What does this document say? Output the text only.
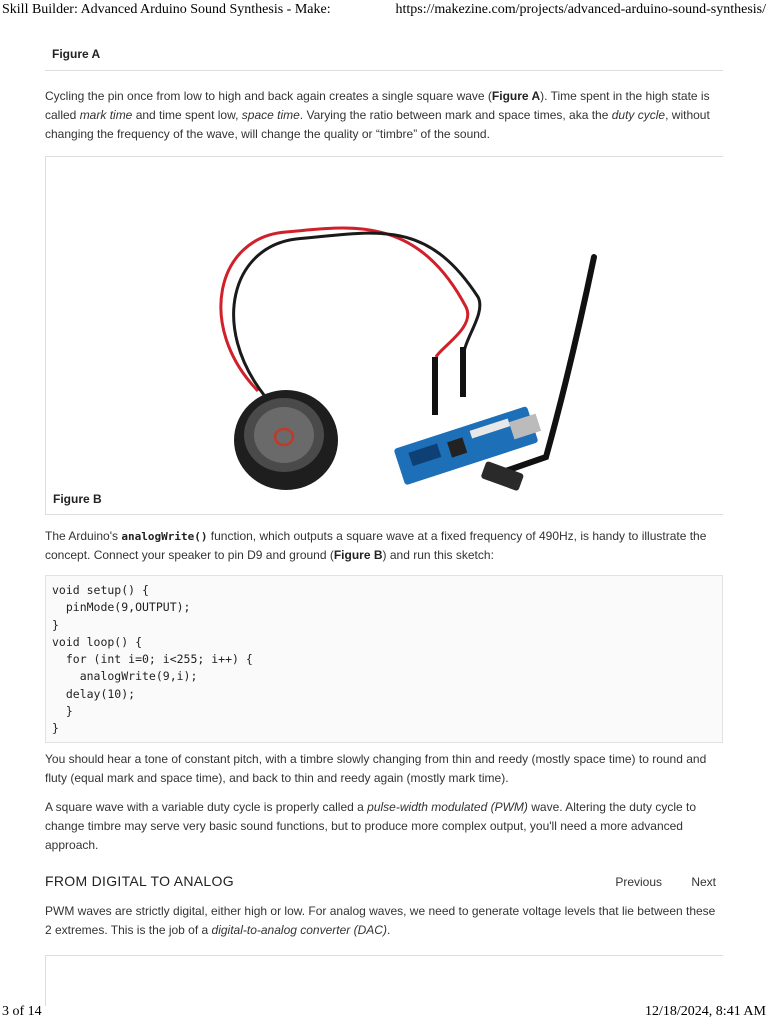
Skill Builder: Advanced Arduino Sound Synthesis - Make:	https://makezine.com/projects/advanced-arduino-sound-synthesis/
Figure A

Cycling the pin once from low to high and back again creates a single square wave (Figure A). Time spent in the high state is called mark time and time spent low, space time. Varying the ratio between mark and space times, aka the duty cycle, without changing the frequency of the wave, will change the quality or “timbre” of the sound.

Figure B

The Arduino's analogWrite() function, which outputs a square wave at a fixed frequency of 490Hz, is handy to illustrate the concept. Connect your speaker to pin D9 and ground (Figure B) and run this sketch:

void setup() {
pinMode(9,OUTPUT);
}
void loop() {
for (int i=0; i<255; i++) {
analogWrite(9,i);
delay(10);
}
}

You should hear a tone of constant pitch, with a timbre slowly changing from thin and reedy (mostly space time) to round and fluty (equal mark and space time), and back to thin and reedy again (mostly mark time).

A square wave with a variable duty cycle is properly called a pulse-width modulated (PWM) wave. Altering the duty cycle to change timbre may serve very basic sound functions, but to produce more complex output, you'll need a more advanced approach.

FROM DIGITAL TO ANALOG	Previous Next

PWM waves are strictly digital, either high or low. For analog waves, we need to generate voltage levels that lie between these 2 extremes. This is the job of a digital-to-analog converter (DAC).

3 of 14	12/18/2024, 8:41 AM
